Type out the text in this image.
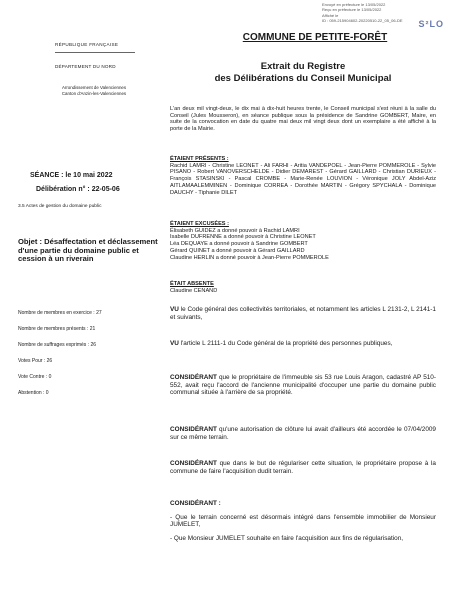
Envoyé en préfecture le 13/05/2022
Reçu en préfecture le 13/05/2022
Affiché le
ID : 059-215904602-20220510-22_05_06-DE	S²LO
RÉPUBLIQUE FRANÇAISE
DÉPARTEMENT DU NORD
Arrondissement de Valenciennes
Canton d'Anzin-les-Valenciennes
COMMUNE DE PETITE-FORÊT
Extrait du Registre
des Délibérations du Conseil Municipal
SÉANCE : le 10 mai 2022
Délibération n° : 22-05-06
3.5 Actes de gestion du domaine public
Objet : Désaffectation et déclassement d'une partie du domaine public et cession à un riverain
Nombre de membres en exercice : 27
Nombre de membres présents : 21
Nombre de suffrages exprimés : 26
Votes Pour : 26
Vote Contre : 0
Abstention : 0
L'an deux mil vingt-deux, le dix mai à dix-huit heures trente, le Conseil municipal s'est réuni à la salle du Conseil (Jules Mousseron), en séance publique sous la présidence de Sandrine GOMBERT, Maire, en suite de la convocation en date du quatre mai deux mil vingt deux dont un exemplaire a été affiché à la porte de la Mairie.
ÉTAIENT PRÉSENTS :
Rachid LAMRI - Christine LEONET - Ali FARHI - Aritia VANDEPOEL - Jean-Pierre POMMEROLE - Sylvie PISANO - Robert VANOVERSCHELDE - Didier DEMAREST - Gérard GAILLARD - Christian DURIEUX - François STASINSKI - Pascal CROMBE - Marie-Renée LOUVION - Véronique JOLY Abdel-Aziz AITLAMAALEMMINEN - Dominique CORREA - Dorothée MARTIN - Grégory SPYCHALA - Dominique DAUCHY - Tiphanie DILET
ÉTAIENT EXCUSÉES :
Élisabeth GUIDEZ a donné pouvoir à Rachid LAMRI
Isabelle DUFRENNE a donné pouvoir à Christine LEONET
Léa DEQUAYE a donné pouvoir à Sandrine GOMBERT
Gérard QUINET a donné pouvoir à Gérard GAILLARD
Claudine HERLIN a donné pouvoir à Jean-Pierre POMMEROLE
ÉTAIT ABSENTE
Claudine CENAND
VU le Code général des collectivités territoriales, et notamment les articles L 2131-2, L 2141-1 et suivants,
VU l'article L 2111-1 du Code général de la propriété des personnes publiques,
CONSIDÉRANT que le propriétaire de l'immeuble sis 53 rue Louis Aragon, cadastré AP 510- 552, avait reçu l'accord de l'ancienne municipalité d'occuper une partie du domaine public communal située à l'arrière de sa propriété.
CONSIDÉRANT qu'une autorisation de clôture lui avait d'ailleurs été accordée le 07/04/2009 sur ce même terrain.
CONSIDÉRANT que dans le but de régulariser cette situation, le propriétaire propose à la commune de faire l'acquisition dudit terrain.
CONSIDÉRANT :
- Que le terrain concerné est désormais intégré dans l'ensemble immobilier de Monsieur JUMELET,
- Que Monsieur JUMELET souhaite en faire l'acquisition aux fins de régularisation,
